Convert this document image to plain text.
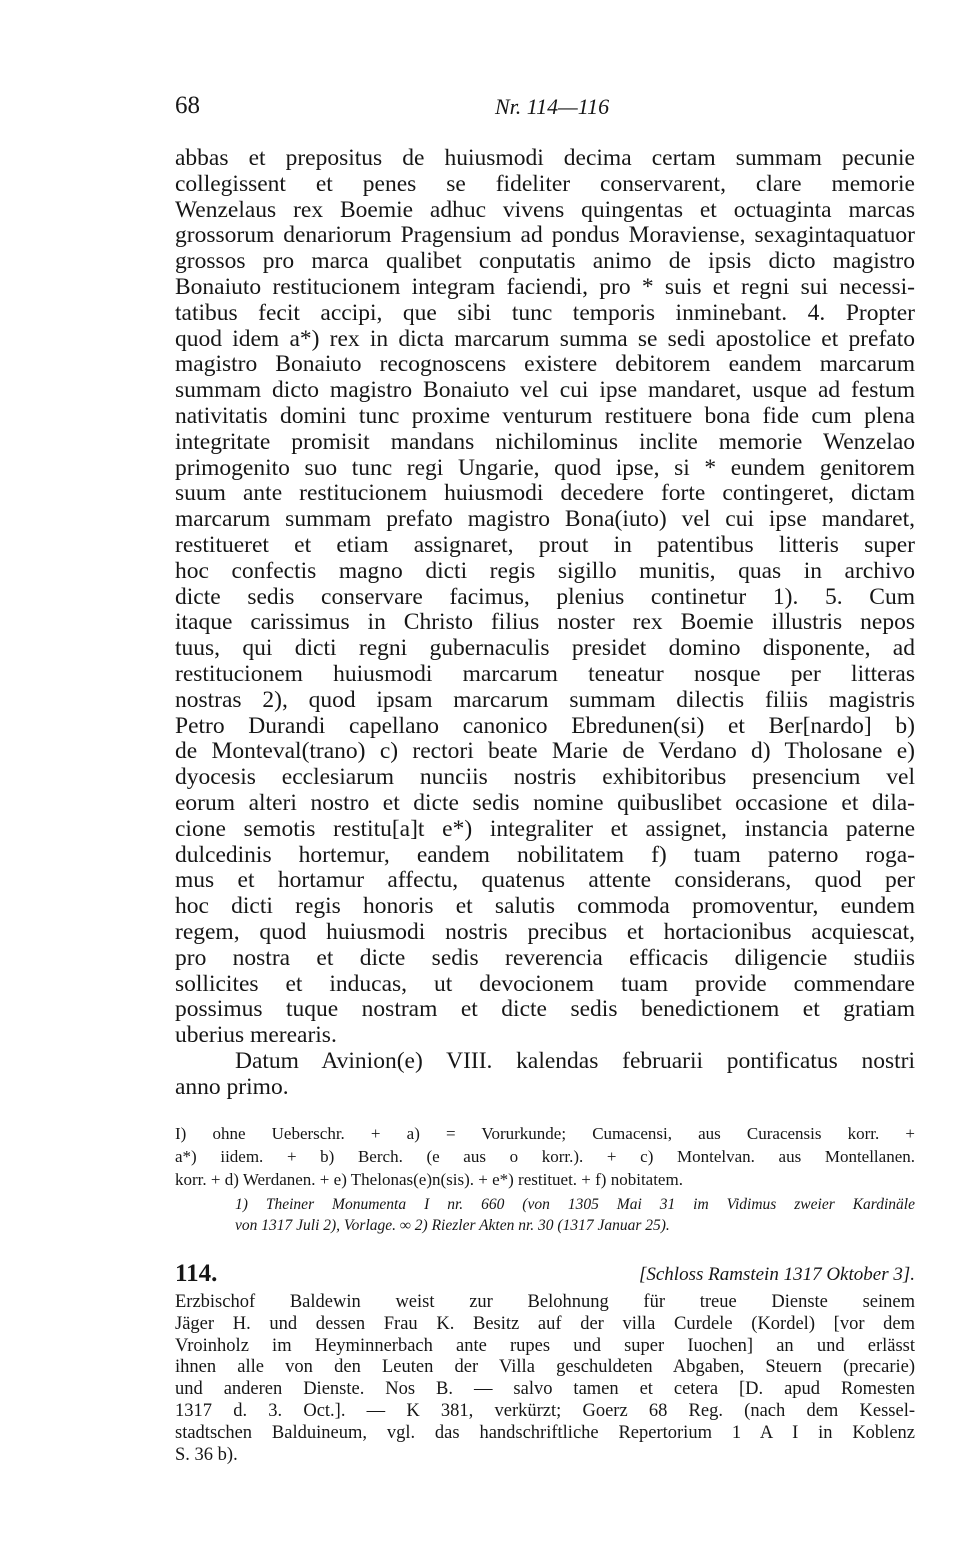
68	Nr. 114—116
abbas et prepositus de huiusmodi decima certam summam pecunie
collegissent et penes se fideliter conservarent, clare memorie
Wenzelaus rex Boemie adhuc vivens quingentas et octuaginta marcas
grossorum denariorum Pragensium ad pondus Moraviense, sexagintaquatuor
grossos pro marca qualibet conputatis animo de ipsis dicto magistro
Bonaiuto restitucionem integram faciendi, pro * suis et regni sui necessi-
tatibus fecit accipi, que sibi tunc temporis inminebant. 4. Propter
quod idem a*) rex in dicta marcarum summa se sedi apostolice et prefato
magistro Bonaiuto recognoscens existere debitorem eandem marcarum
summam dicto magistro Bonaiuto vel cui ipse mandaret, usque ad festum
nativitatis domini tunc proxime venturum restituere bona fide cum plena
integritate promisit mandans nichilominus inclite memorie Wenzelao
primogenito suo tunc regi Ungarie, quod ipse, si * eundem genitorem
suum ante restitucionem huiusmodi decedere forte contingeret, dictam
marcarum summam prefato magistro Bona(iuto) vel cui ipse mandaret,
restitueret et etiam assignaret, prout in patentibus litteris super
hoc confectis magno dicti regis sigillo munitis, quas in archivo
dicte sedis conservare facimus, plenius continetur 1). 5. Cum
itaque carissimus in Christo filius noster rex Boemie illustris nepos
tuus, qui dicti regni gubernaculis presidet domino disponente, ad
restitucionem huiusmodi marcarum teneatur nosque per litteras
nostras 2), quod ipsam marcarum summam dilectis filiis magistris
Petro Durandi capellano canonico Ebredunen(si) et Ber[nardo] b)
de Monteval(trano) c) rectori beate Marie de Verdano d) Tholosane e)
dyocesis ecclesiarum nunciis nostris exhibitoribus presencium vel
eorum alteri nostro et dicte sedis nomine quibuslibet occasione et dila-
cione semotis restitu[a]t e*) integraliter et assignet, instancia paterne
dulcedinis hortemur, eandem nobilitatem f) tuam paterno roga-
mus et hortamur affectu, quatenus attente considerans, quod per
hoc dicti regis honoris et salutis commoda promoventur, eundem
regem, quod huiusmodi nostris precibus et hortacionibus acquiescat,
pro nostra et dicte sedis reverencia efficacis diligencie studiis
sollicites et inducas, ut devocionem tuam provide commendare
possimus tuque nostram et dicte sedis benedictionem et gratiam
uberius merearis.
Datum Avinion(e) VIII. kalendas februarii pontificatus nostri
anno primo.
I) ohne Ueberschr. + a) = Vorurkunde; Cumacensi, aus Curacensis korr. +
a*) iidem. + b) Berch. (e aus o korr.). + c) Montelvan. aus Montellanen.
korr. + d) Werdanen. + e) Thelonas(e)n(sis). + e*) restituet. + f) nobitatem.
1) Theiner Monumenta I nr. 660 (von 1305 Mai 31 im Vidimus zweier Kardinäle
von 1317 Juli 2), Vorlage. ∞ 2) Riezler Akten nr. 30 (1317 Januar 25).
114.	[Schloss Ramstein 1317 Oktober 3].
Erzbischof Baldewin weist zur Belohnung für treue Dienste seinem
Jäger H. und dessen Frau K. Besitz auf der villa Curdele (Kordel) [vor dem
Vroinholz im Heyminnerbach ante rupes und super Iuochen] an und erlässt
ihnen alle von den Leuten der Villa geschuldeten Abgaben, Steuern (precarie)
und anderen Dienste. Nos B. — salvo tamen et cetera [D. apud Romesten
1317 d. 3. Oct.]. — K 381, verkürzt; Goerz 68 Reg. (nach dem Kessel-
stadtschen Balduineum, vgl. das handschriftliche Repertorium 1 A I in Koblenz
S. 36 b).
